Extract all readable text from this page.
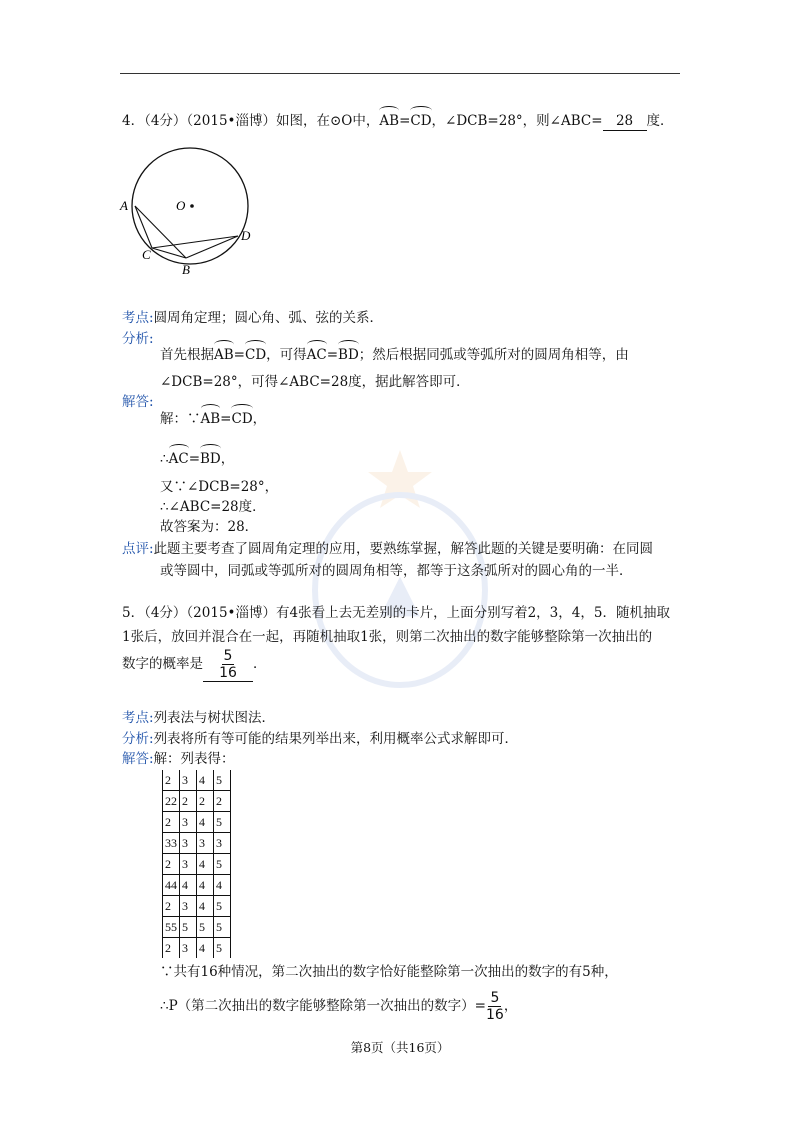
▲
4．（4分）（2015•淄博）如图，在⊙O中，AB=CD，∠DCB=28°，则∠ABC= 28 度．
O
A
C
B
D
考点:圆周角定理；圆心角、弧、弦的关系．
分析:
首先根据AB=CD，可得AC=BD；然后根据同弧或等弧所对的圆周角相等，由
∠DCB=28°，可得∠ABC=28度，据此解答即可．
解答:
解：∵AB=CD，
∴AC=BD，
又∵∠DCB=28°，
∴∠ABC=28度．
故答案为：28．
点评:此题主要考查了圆周角定理的应用，要熟练掌握，解答此题的关键是要明确：在同圆
或等圆中，同弧或等弧所对的圆周角相等，都等于这条弧所对的圆心角的一半．
5．（4分）（2015•淄博）有4张看上去无差别的卡片，上面分别写着2，3，4，5．随机抽取
1张后，放回并混合在一起，再随机抽取1张，则第二次抽出的数字能够整除第一次抽出的
数字的概率是 $\frac{5}{16}$ ．
考点:列表法与树状图法．
分析:列表将所有等可能的结果列举出来，利用概率公式求解即可．
解答:解：列表得：
2	3	4	5
22	2	2	2
2	3	4	5
33	3	3	3
2	3	4	5
44	4	4	4
2	3	4	5
55	5	5	5
2	3	4	5
∵共有16种情况，第二次抽出的数字恰好能整除第一次抽出的数字的有5种，
∴P（第二次抽出的数字能够整除第一次抽出的数字）= $\frac{5}{16}$ ，
第8页（共16页）
